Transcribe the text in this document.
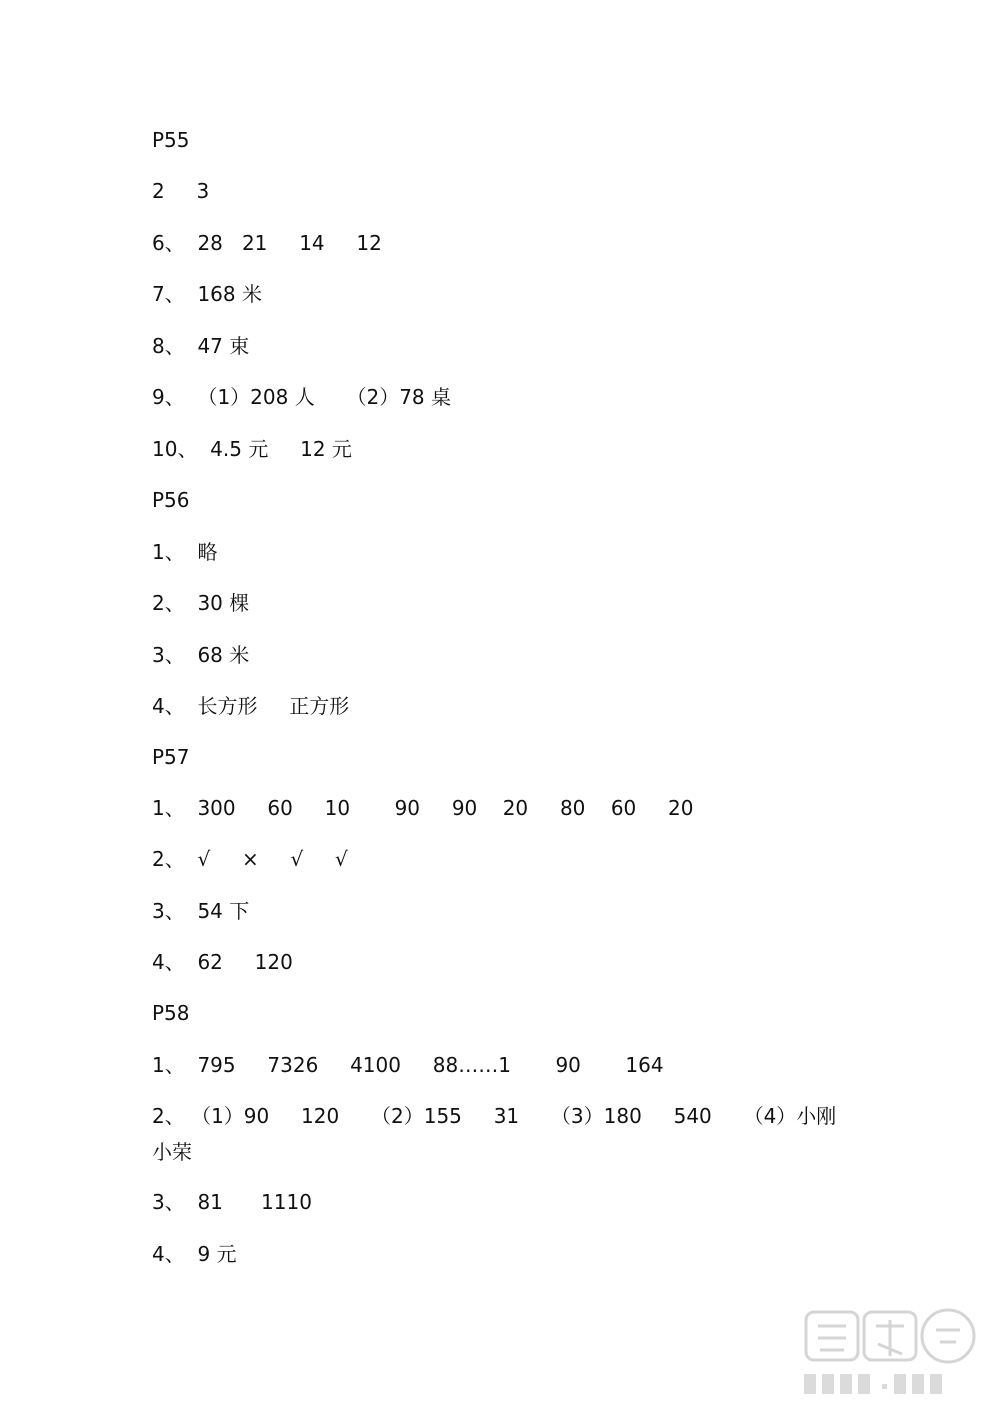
P55
2     3
6、  28   21     14     12
7、  168 米
8、  47 束
9、  （1）208 人     （2）78 桌
10、  4.5 元     12 元
P56
1、  略
2、  30 棵
3、  68 米
4、  长方形     正方形
P57
1、  300     60     10       90     90    20     80    60     20
2、  √     ×     √     √
3、  54 下
4、  62     120
P58
1、  795     7326     4100     88……1       90       164
2、 （1）90     120     （2）155     31     （3）180     540     （4）小刚 小荣
3、  81      1110
4、  9 元
